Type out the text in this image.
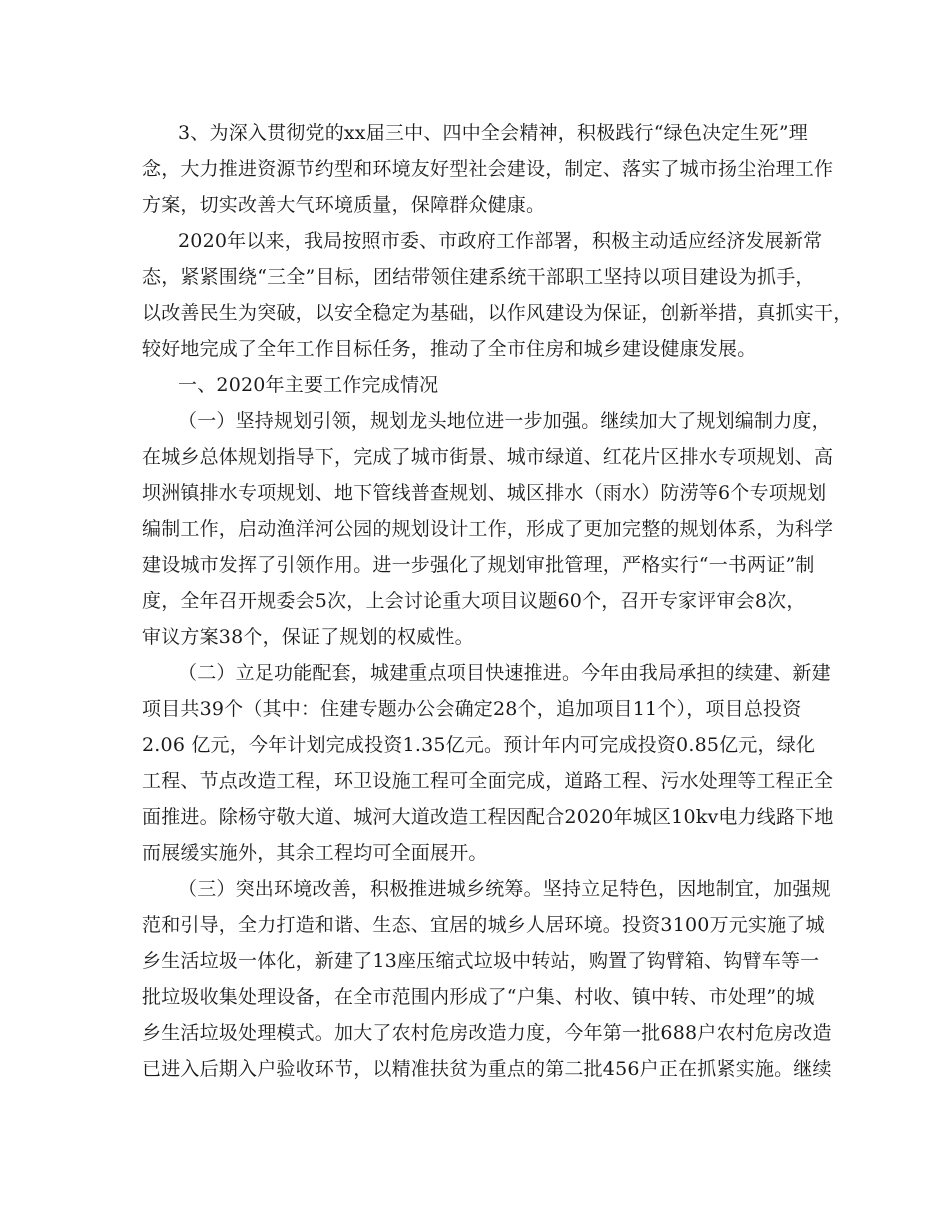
3、为深入贯彻党的xx届三中、四中全会精神，积极践行“绿色决定生死”理
念，大力推进资源节约型和环境友好型社会建设，制定、落实了城市扬尘治理工作
方案，切实改善大气环境质量，保障群众健康。
2020年以来，我局按照市委、市政府工作部署，积极主动适应经济发展新常
态，紧紧围绕“三全”目标，团结带领住建系统干部职工坚持以项目建设为抓手，
以改善民生为突破，以安全稳定为基础，以作风建设为保证，创新举措，真抓实干，
较好地完成了全年工作目标任务，推动了全市住房和城乡建设健康发展。
一、2020年主要工作完成情况
（一）坚持规划引领，规划龙头地位进一步加强。继续加大了规划编制力度，
在城乡总体规划指导下，完成了城市街景、城市绿道、红花片区排水专项规划、高
坝洲镇排水专项规划、地下管线普查规划、城区排水（雨水）防涝等6个专项规划
编制工作，启动渔洋河公园的规划设计工作，形成了更加完整的规划体系，为科学
建设城市发挥了引领作用。进一步强化了规划审批管理，严格实行“一书两证”制
度，全年召开规委会5次，上会讨论重大项目议题60个，召开专家评审会8次，
审议方案38个，保证了规划的权威性。
（二）立足功能配套，城建重点项目快速推进。今年由我局承担的续建、新建
项目共39个（其中：住建专题办公会确定28个，追加项目11个），项目总投资
2.06 亿元，今年计划完成投资1.35亿元。预计年内可完成投资0.85亿元，绿化
工程、节点改造工程，环卫设施工程可全面完成，道路工程、污水处理等工程正全
面推进。除杨守敬大道、城河大道改造工程因配合2020年城区10kv电力线路下地
而展缓实施外，其余工程均可全面展开。
（三）突出环境改善，积极推进城乡统筹。坚持立足特色，因地制宜，加强规
范和引导，全力打造和谐、生态、宜居的城乡人居环境。投资3100万元实施了城
乡生活垃圾一体化，新建了13座压缩式垃圾中转站，购置了钩臂箱、钩臂车等一
批垃圾收集处理设备，在全市范围内形成了“户集、村收、镇中转、市处理”的城
乡生活垃圾处理模式。加大了农村危房改造力度，今年第一批688户农村危房改造
已进入后期入户验收环节，以精准扶贫为重点的第二批456户正在抓紧实施。继续
